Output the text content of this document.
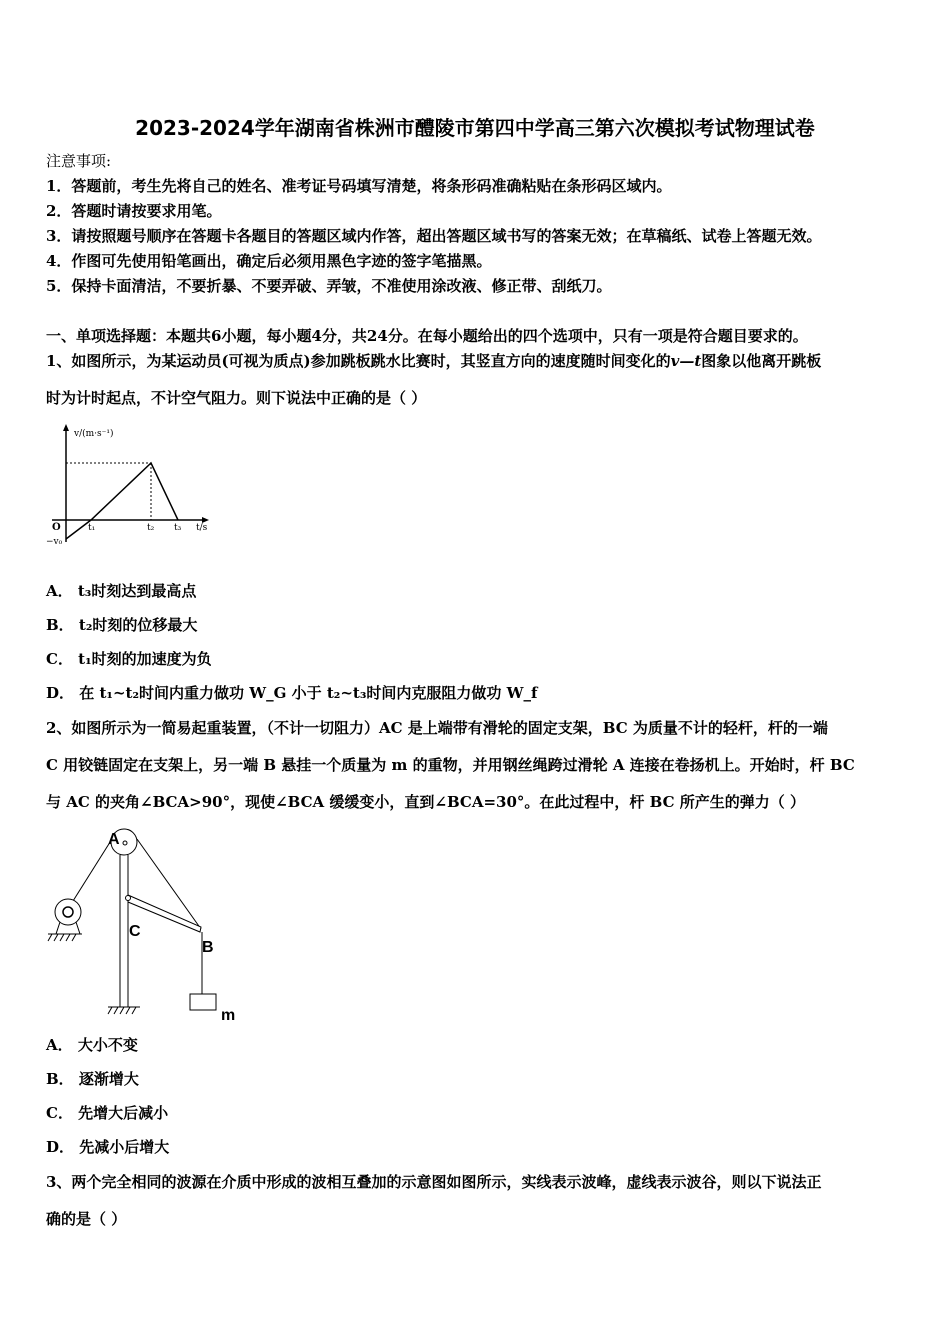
2023-2024学年湖南省株洲市醴陵市第四中学高三第六次模拟考试物理试卷
注意事项:
1．答题前，考生先将自己的姓名、准考证号码填写清楚，将条形码准确粘贴在条形码区域内。
2．答题时请按要求用笔。
3．请按照题号顺序在答题卡各题目的答题区域内作答，超出答题区域书写的答案无效；在草稿纸、试卷上答题无效。
4．作图可先使用铅笔画出，确定后必须用黑色字迹的签字笔描黑。
5．保持卡面清洁，不要折暴、不要弄破、弄皱，不准使用涂改液、修正带、刮纸刀。
一、单项选择题：本题共6小题，每小题4分，共24分。在每小题给出的四个选项中，只有一项是符合题目要求的。
1、如图所示，为某运动员(可视为质点)参加跳板跳水比赛时，其竖直方向的速度随时间变化的v—t图象以他离开跳板
时为计时起点，不计空气阻力。则下说法中正确的是（ ）
v/(m·s⁻¹)
O	t₁	t₂ t₃ t/s
−v₀
A． t₃时刻达到最高点
B． t₂时刻的位移最大
C． t₁时刻的加速度为负
D． 在 t₁~t₂时间内重力做功 W_G 小于 t₂~t₃时间内克服阻力做功 W_f
2、如图所示为一简易起重装置，（不计一切阻力）AC 是上端带有滑轮的固定支架，BC 为质量不计的轻杆，杆的一端
C 用铰链固定在支架上，另一端 B 悬挂一个质量为 m 的重物，并用钢丝绳跨过滑轮 A 连接在卷扬机上。开始时，杆 BC
与 AC 的夹角∠BCA>90°，现使∠BCA 缓缓变小，直到∠BCA=30°。在此过程中，杆 BC 所产生的弹力（ ）
A
C
B
m
A． 大小不变
B． 逐渐增大
C． 先增大后减小
D． 先减小后增大
3、两个完全相同的波源在介质中形成的波相互叠加的示意图如图所示，实线表示波峰，虚线表示波谷，则以下说法正
确的是（ ）
